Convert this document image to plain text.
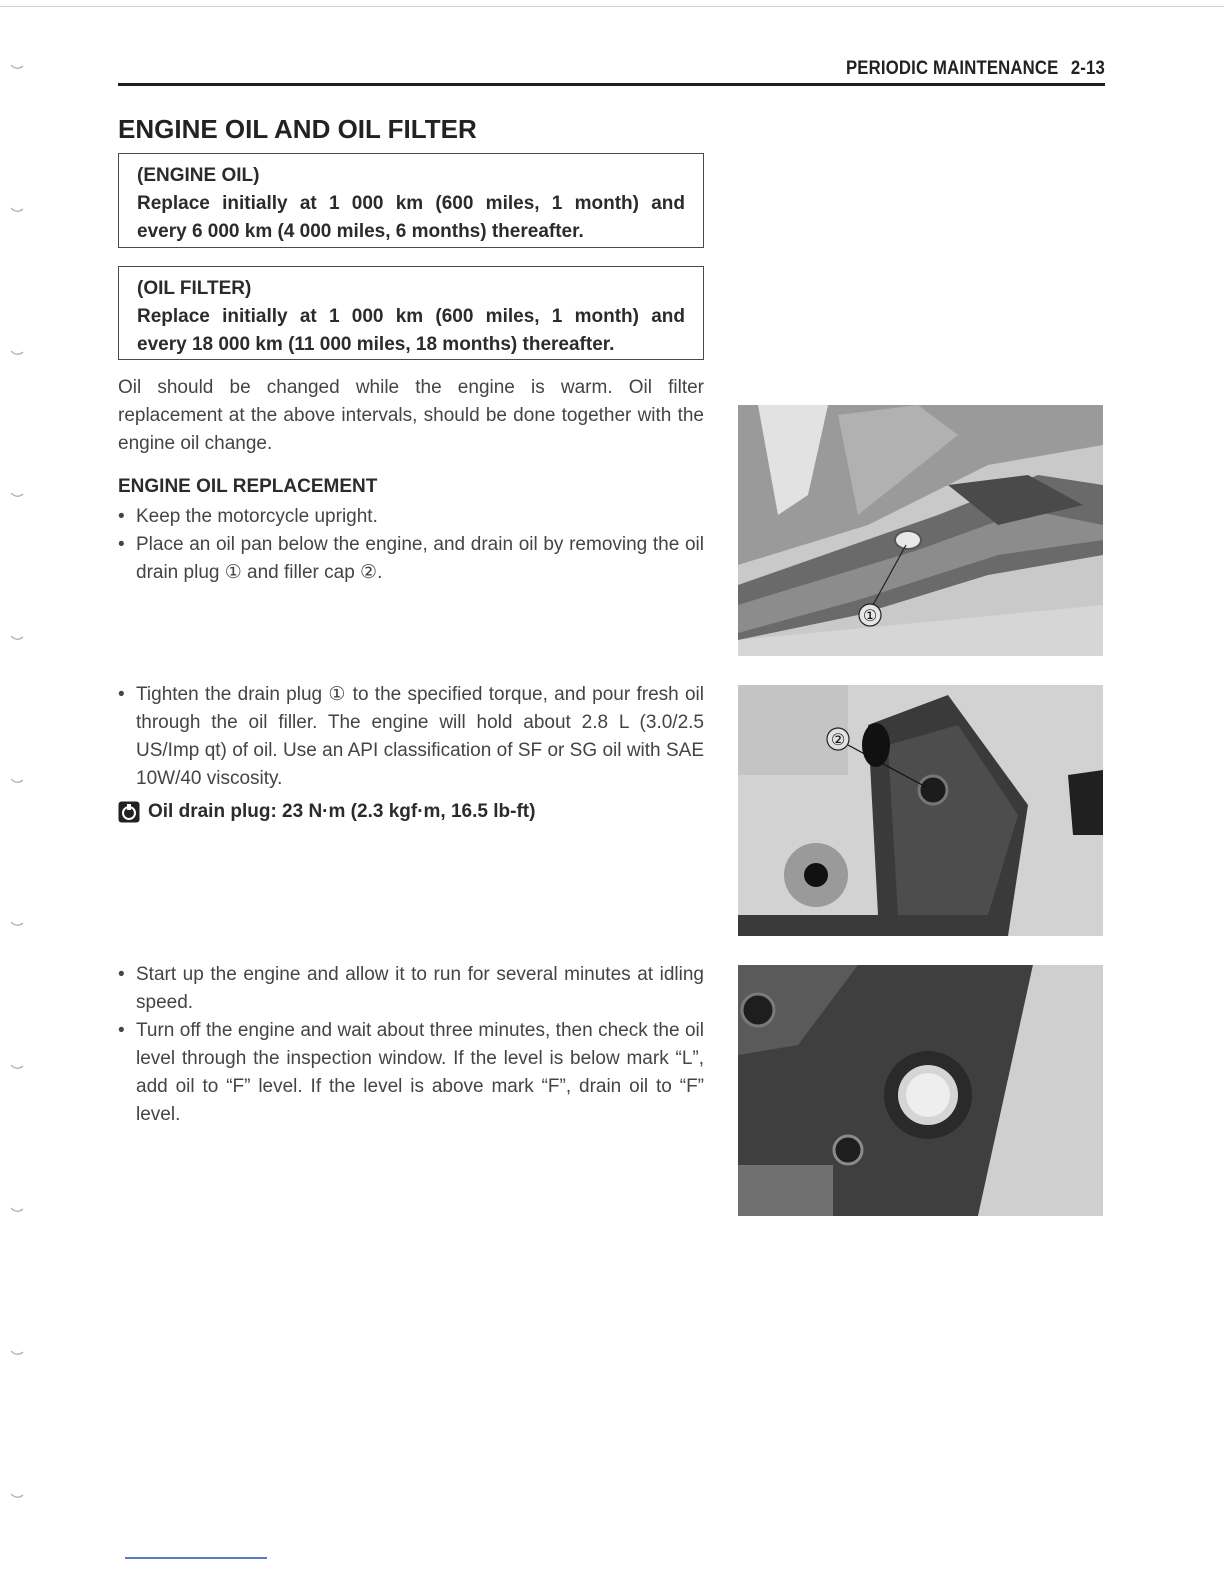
PERIODIC MAINTENANCE 2-13
ENGINE OIL AND OIL FILTER
(ENGINE OIL)
Replace initially at 1 000 km (600 miles, 1 month) and
every 6 000 km (4 000 miles, 6 months) thereafter.
(OIL FILTER)
Replace initially at 1 000 km (600 miles, 1 month) and
every 18 000 km (11 000 miles, 18 months) thereafter.

Oil should be changed while the engine is warm. Oil filter replacement at the above intervals, should be done together with the engine oil change.

ENGINE OIL REPLACEMENT
• Keep the motorcycle upright.
• Place an oil pan below the engine, and drain oil by removing the oil drain plug ① and filler cap ②.
• Tighten the drain plug ① to the specified torque, and pour fresh oil through the oil filler. The engine will hold about 2.8 L (3.0/2.5 US/Imp qt) of oil. Use an API classification of SF or SG oil with SAE 10W/40 viscosity.
Oil drain plug: 23 N·m (2.3 kgf·m, 16.5 lb-ft)
• Start up the engine and allow it to run for several minutes at idling speed.
• Turn off the engine and wait about three minutes, then check the oil level through the inspection window. If the level is below mark “L”, add oil to “F” level. If the level is above mark “F”, drain oil to “F” level.
①
②
